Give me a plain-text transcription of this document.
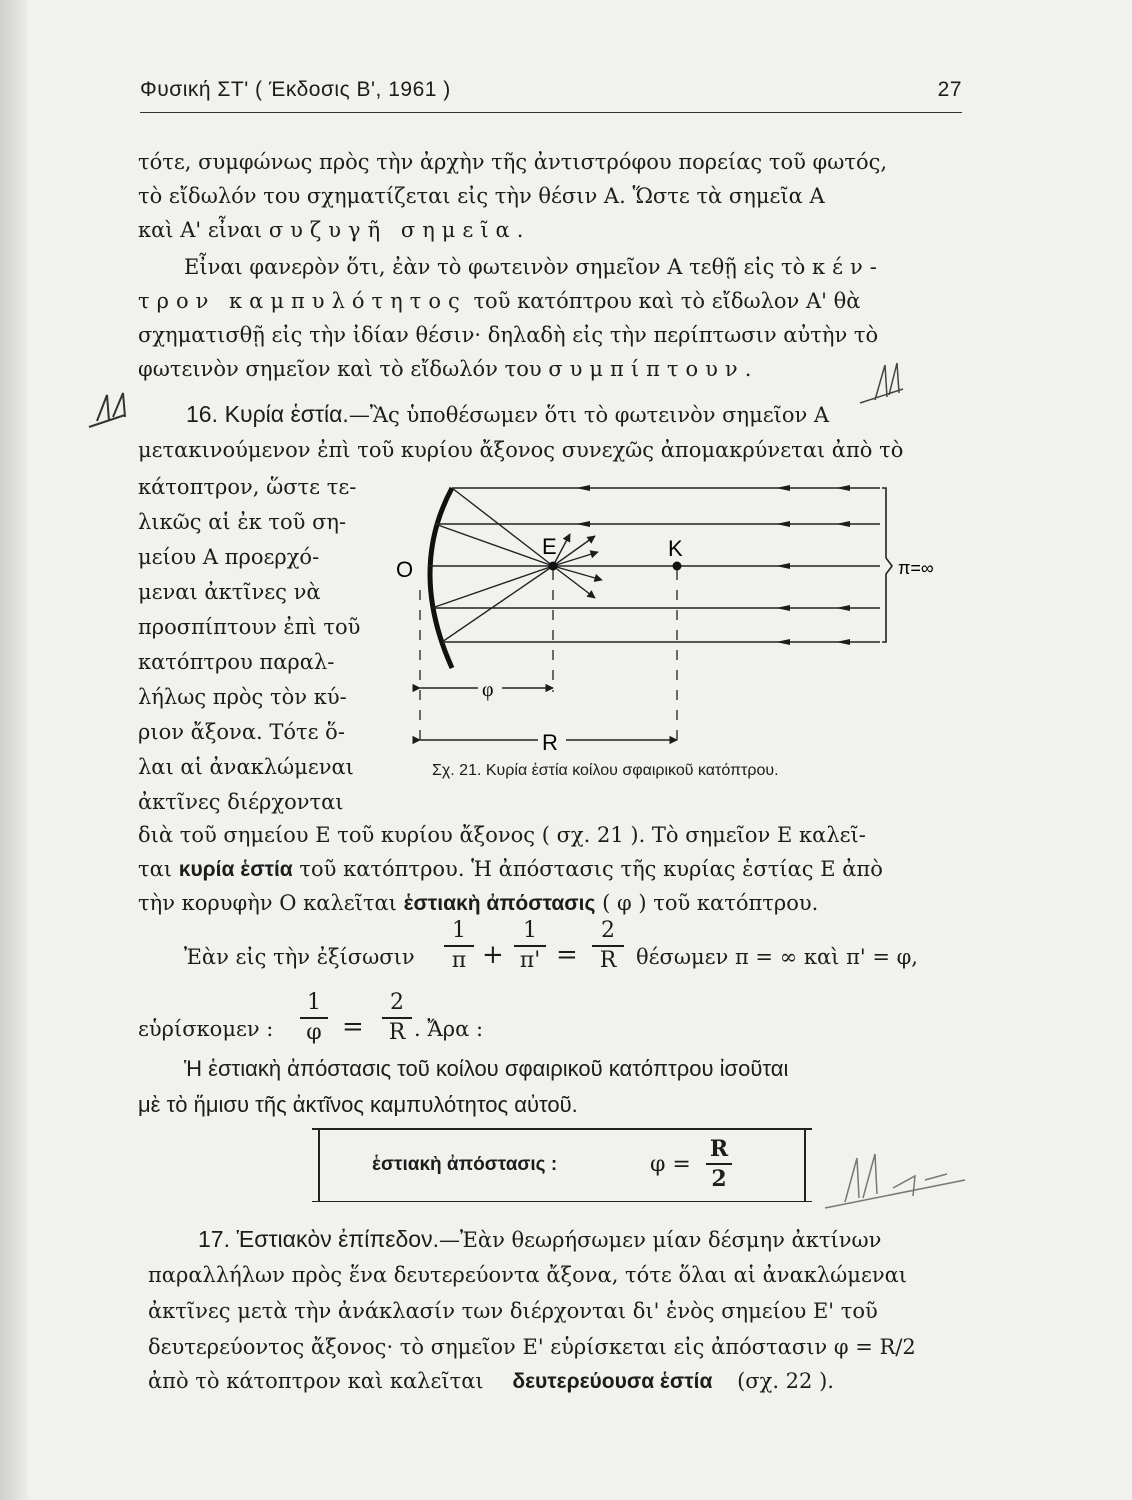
Φυσική ΣΤ' ( Έκδοσις Β', 1961 )	27
τότε, συμφώνως πρὸς τὴν ἀρχὴν τῆς ἀντιστρόφου πορείας τοῦ φωτός,
τὸ εἴδωλόν του σχηματίζεται εἰς τὴν θέσιν Α. Ὥστε τὰ σημεῖα Α
καὶ Α' εἶναι συζυγῆ σημεῖα.
Εἶναι φανερὸν ὅτι, ἐὰν τὸ φωτεινὸν σημεῖον Α τεθῇ εἰς τὸ κέν-
τρον καμπυλότητος τοῦ κατόπτρου καὶ τὸ εἴδωλον Α' θὰ
σχηματισθῇ εἰς τὴν ἰδίαν θέσιν· δηλαδὴ εἰς τὴν περίπτωσιν αὐτὴν τὸ
φωτεινὸν σημεῖον καὶ τὸ εἴδωλόν του συμπίπτουν.
16. Κυρία ἑστία.—Ἂς ὑποθέσωμεν ὅτι τὸ φωτεινὸν σημεῖον Α
μετακινούμενον ἐπὶ τοῦ κυρίου ἄξονος συνεχῶς ἀπομακρύνεται ἀπὸ τὸ
κάτοπτρον, ὥστε τε-
λικῶς αἱ ἐκ τοῦ ση-
μείου Α προερχό-
μεναι ἀκτῖνες νὰ
προσπίπτουν ἐπὶ τοῦ
κατόπτρου παραλ-
λήλως πρὸς τὸν κύ-
ριον ἄξονα. Τότε ὅ-
λαι αἱ ἀνακλώμεναι
ἀκτῖνες διέρχονται
O
E	K
φ
R
π=∞
Σχ. 21. Κυρία ἑστία κοίλου σφαιρικοῦ κατόπτρου.
διὰ τοῦ σημείου Ε τοῦ κυρίου ἄξονος ( σχ. 21 ). Τὸ σημεῖον Ε καλεῖ-
ται κυρία ἑστία τοῦ κατόπτρου. Ἡ ἀπόστασις τῆς κυρίας ἑστίας Ε ἀπὸ
τὴν κορυφὴν Ο καλεῖται ἑστιακὴ ἀπόστασις ( φ ) τοῦ κατόπτρου.
Ἐὰν εἰς τὴν ἐξίσωσιν
1
π +
1
π' =
2
R θέσωμεν π = ∞ καὶ π' = φ,
εὑρίσκομεν :
1
φ =
2
R . Ἄρα :
Ἡ ἑστιακὴ ἀπόστασις τοῦ κοίλου σφαιρικοῦ κατόπτρου ἰσοῦται
μὲ τὸ ἥμισυ τῆς ἀκτῖνος καμπυλότητος αὐτοῦ.
ἑστιακὴ ἀπόστασις :	φ =
R
2
17. Ἑστιακὸν ἐπίπεδον.—Ἐὰν θεωρήσωμεν μίαν δέσμην ἀκτίνων
παραλλήλων πρὸς ἕνα δευτερεύοντα ἄξονα, τότε ὅλαι αἱ ἀνακλώμεναι
ἀκτῖνες μετὰ τὴν ἀνάκλασίν των διέρχονται δι' ἑνὸς σημείου Ε' τοῦ
δευτερεύοντος ἄξονος· τὸ σημεῖον Ε' εὑρίσκεται εἰς ἀπόστασιν φ = R/2
ἀπὸ τὸ κάτοπτρον καὶ καλεῖται δευτερεύουσα ἑστία (σχ. 22 ).
